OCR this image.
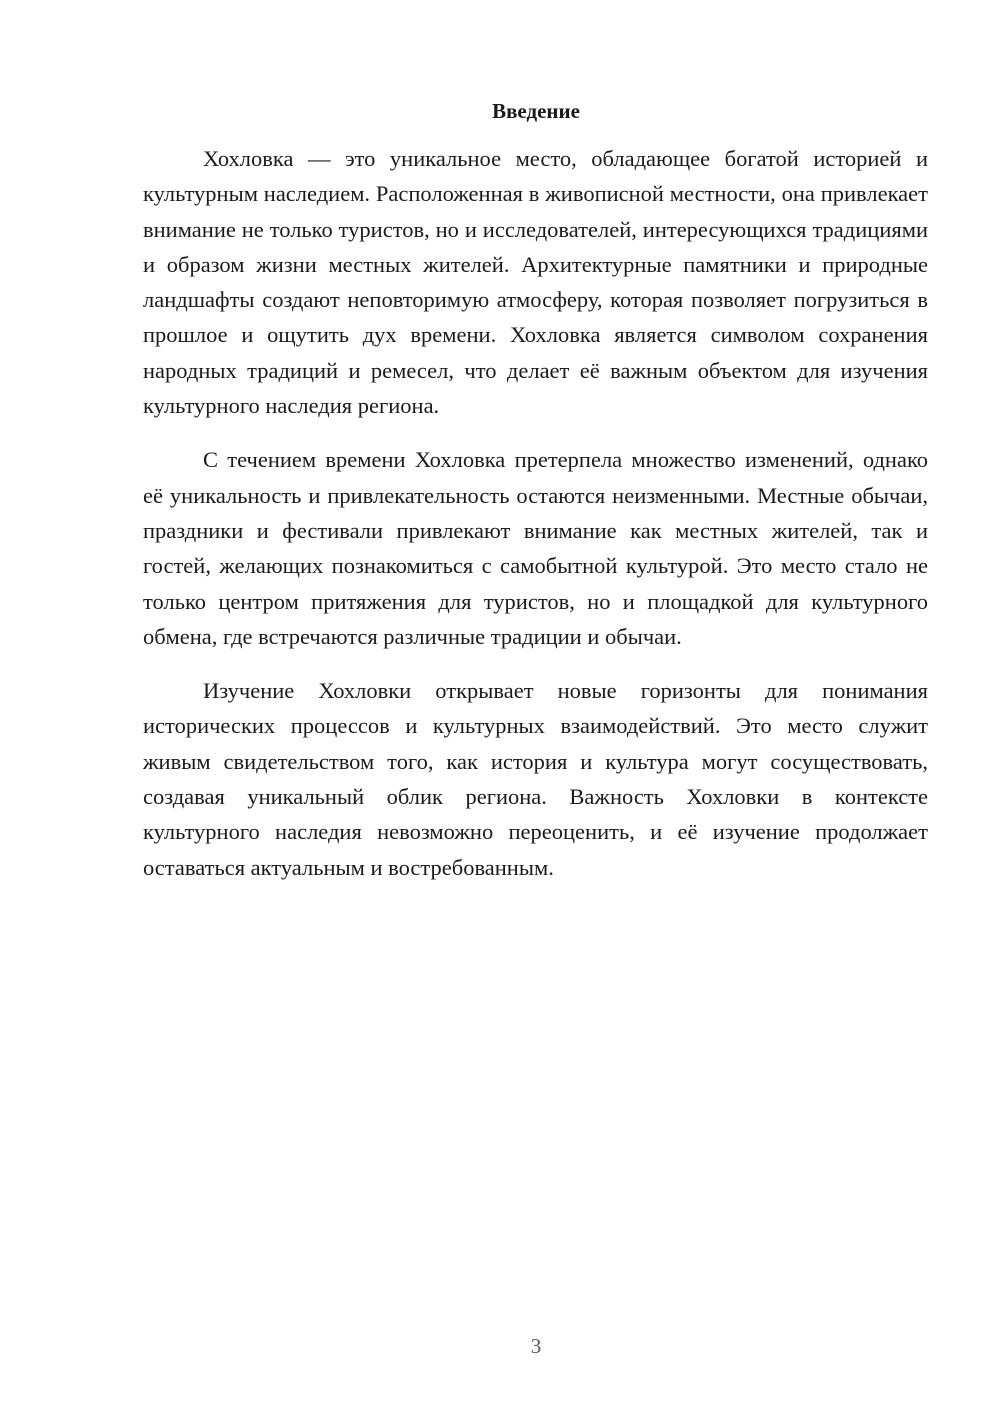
Введение

Хохловка — это уникальное место, обладающее богатой историей и культурным наследием. Расположенная в живописной местности, она привлекает внимание не только туристов, но и исследователей, интересующихся традициями и образом жизни местных жителей. Архитектурные памятники и природные ландшафты создают неповторимую атмосферу, которая позволяет погрузиться в прошлое и ощутить дух времени. Хохловка является символом сохранения народных традиций и ремесел, что делает её важным объектом для изучения культурного наследия региона.

С течением времени Хохловка претерпела множество изменений, однако её уникальность и привлекательность остаются неизменными. Местные обычаи, праздники и фестивали привлекают внимание как местных жителей, так и гостей, желающих познакомиться с самобытной культурой. Это место стало не только центром притяжения для туристов, но и площадкой для культурного обмена, где встречаются различные традиции и обычаи.

Изучение Хохловки открывает новые горизонты для понимания исторических процессов и культурных взаимодействий. Это место служит живым свидетельством того, как история и культура могут сосуществовать, создавая уникальный облик региона. Важность Хохловки в контексте культурного наследия невозможно переоценить, и её изучение продолжает оставаться актуальным и востребованным.

3
